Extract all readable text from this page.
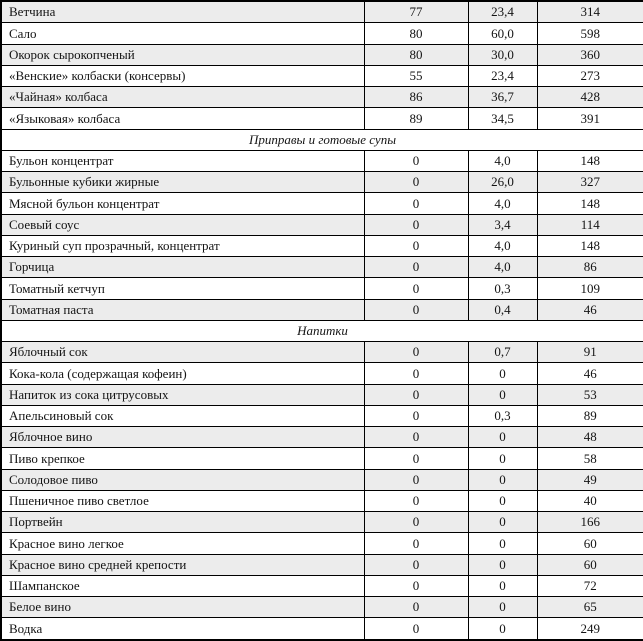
Ветчина	77	23,4	314
Сало	80	60,0	598
Окорок сырокопченый	80	30,0	360
«Венские» колбаски (консервы)	55	23,4	273
«Чайная» колбаса	86	36,7	428
«Языковая» колбаса	89	34,5	391
Приправы и готовые супы			
Бульон концентрат	0	4,0	148
Бульонные кубики жирные	0	26,0	327
Мясной бульон концентрат	0	4,0	148
Соевый соус	0	3,4	114
Куриный суп прозрачный, концентрат	0	4,0	148
Горчица	0	4,0	86
Томатный кетчуп	0	0,3	109
Томатная паста	0	0,4	46
Напитки			
Яблочный сок	0	0,7	91
Кока-кола (содержащая кофеин)	0	0	46
Напиток из сока цитрусовых	0	0	53
Апельсиновый сок	0	0,3	89
Яблочное вино	0	0	48
Пиво крепкое	0	0	58
Солодовое пиво	0	0	49
Пшеничное пиво светлое	0	0	40
Портвейн	0	0	166
Красное вино легкое	0	0	60
Красное вино средней крепости	0	0	60
Шампанское	0	0	72
Белое вино	0	0	65
Водка	0	0	249
